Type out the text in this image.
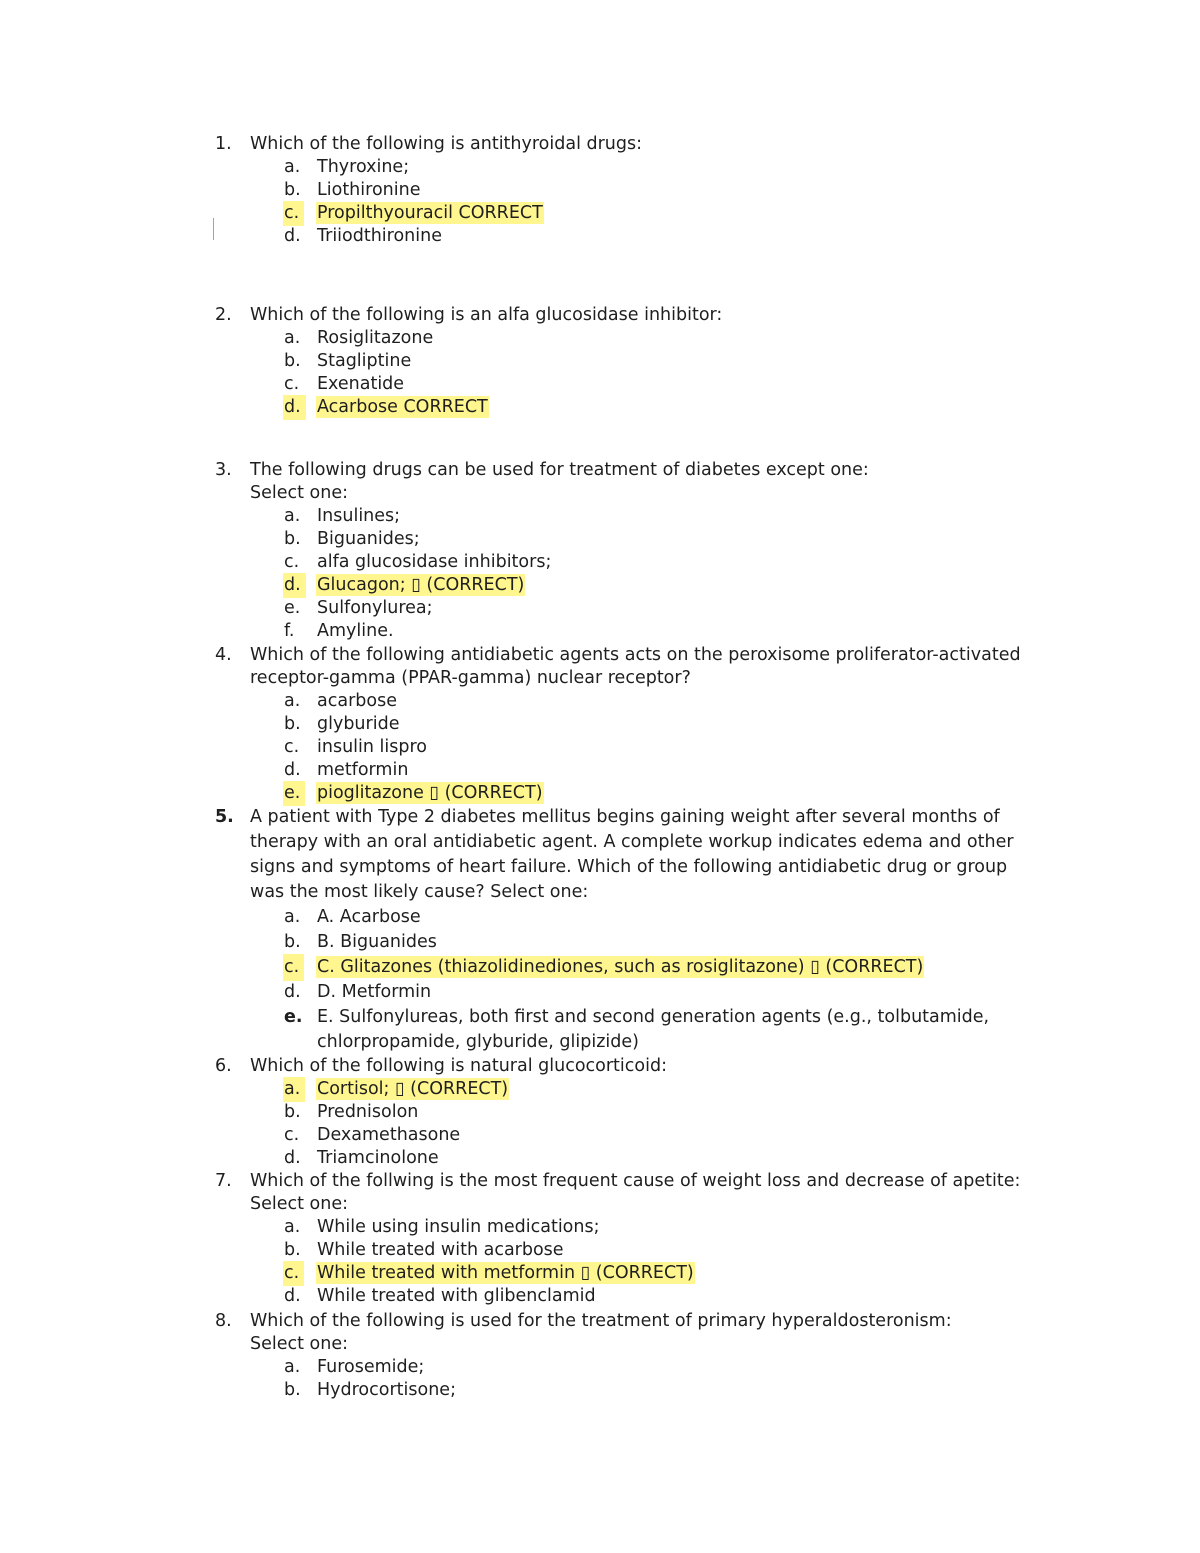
1. Which of the following is antithyroidal drugs:
a. Thyroxine;
b. Liothironine
c. Propilthyouracil CORRECT
d. Triiodthironine
2. Which of the following is an alfa glucosidase inhibitor:
a. Rosiglitazone
b. Stagliptine
c. Exenatide
d. Acarbose CORRECT
3. The following drugs can be used for treatment of diabetes except one:
Select one:
a. Insulines;
b. Biguanides;
c. alfa glucosidase inhibitors;
d. Glucagon; ▯ (CORRECT)
e. Sulfonylurea;
f. Amyline.
4. Which of the following antidiabetic agents acts on the peroxisome proliferator-activated receptor-gamma (PPAR-gamma) nuclear receptor?
a. acarbose
b. glyburide
c. insulin lispro
d. metformin
e. pioglitazone ▯ (CORRECT)
5. A patient with Type 2 diabetes mellitus begins gaining weight after several months of therapy with an oral antidiabetic agent. A complete workup indicates edema and other signs and symptoms of heart failure. Which of the following antidiabetic drug or group was the most likely cause? Select one:
a. A. Acarbose
b. B. Biguanides
c. C. Glitazones (thiazolidinediones, such as rosiglitazone) ▯ (CORRECT)
d. D. Metformin
e. E. Sulfonylureas, both first and second generation agents (e.g., tolbutamide, chlorpropamide, glyburide, glipizide)
6. Which of the following is natural glucocorticoid:
a. Cortisol; ▯ (CORRECT)
b. Prednisolon
c. Dexamethasone
d. Triamcinolone
7. Which of the follwing is the most frequent cause of weight loss and decrease of apetite:
Select one:
a. While using insulin medications;
b. While treated with acarbose
c. While treated with metformin ▯ (CORRECT)
d. While treated with glibenclamid
8. Which of the following is used for the treatment of primary hyperaldosteronism:
Select one:
a. Furosemide;
b. Hydrocortisone;
